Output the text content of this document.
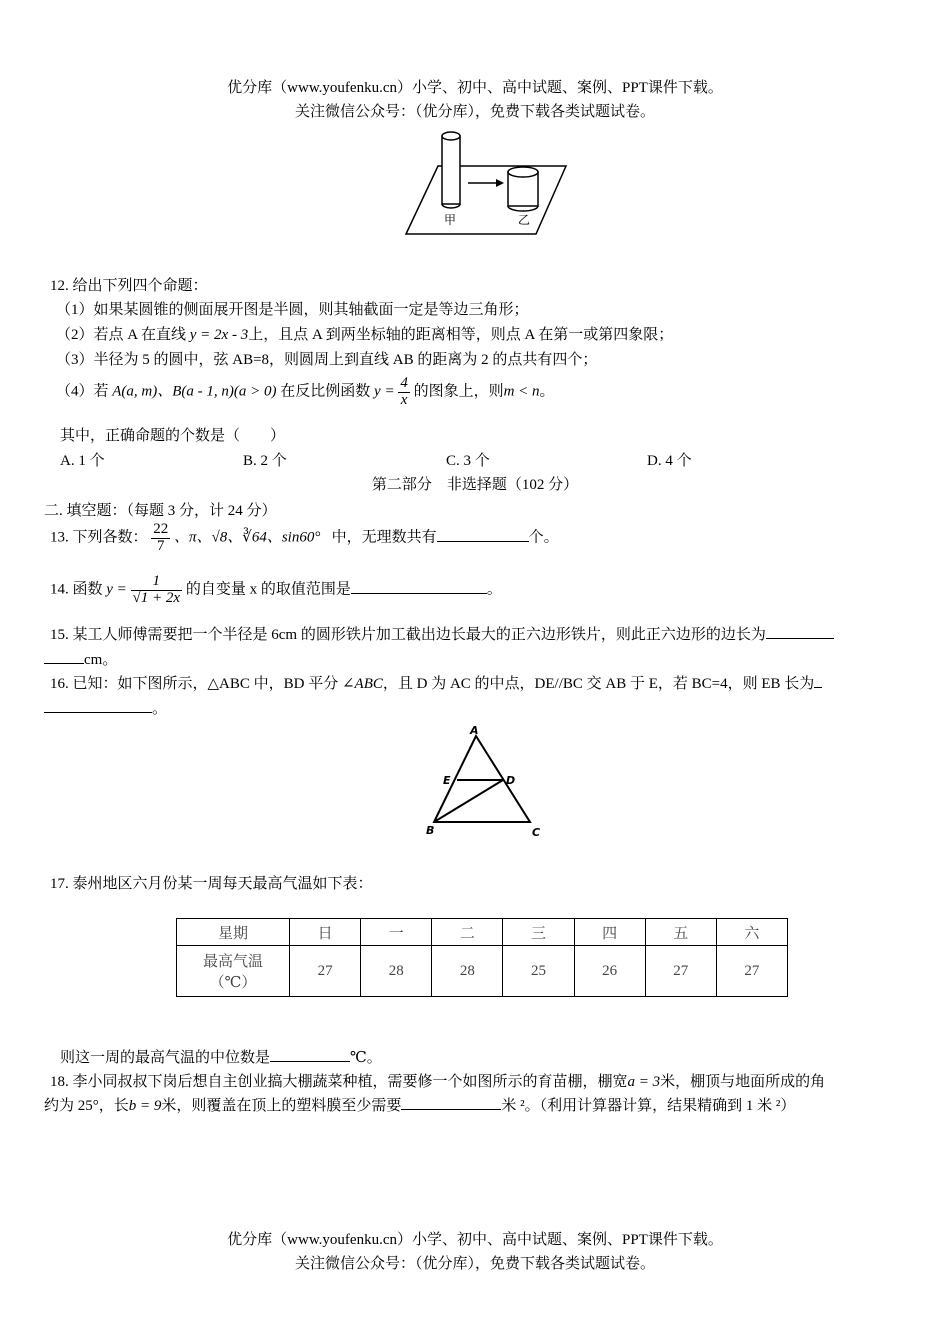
优分库（www.youfenku.cn）小学、初中、高中试题、案例、PPT课件下载。
关注微信公众号：（优分库），免费下载各类试题试卷。
甲	乙
12. 给出下列四个命题：
（1）如果某圆锥的侧面展开图是半圆，则其轴截面一定是等边三角形；
（2）若点 A 在直线 y = 2x - 3上，且点 A 到两坐标轴的距离相等，则点 A 在第一或第四象限；
（3）半径为 5 的圆中，弦 AB=8，则圆周上到直线 AB 的距离为 2 的点共有四个；
（4）若 A(a, m)、B(a - 1, n)(a > 0) 在反比例函数 $y = \frac{4}{x}$ 的图象上，则m < n。
其中，正确命题的个数是（　　）
A. 1 个	B. 2 个	C. 3 个	D. 4 个
第二部分　非选择题（102 分）
二. 填空题：（每题 3 分，计 24 分）
13. 下列各数： $\frac{22}{7}$ 、π、√8、∛64、sin60° 中，无理数共有	个。
14. 函数 $y = \frac{1}{√1 + 2x}$ 的自变量 x 的取值范围是	。
15. 某工人师傅需要把一个半径是 6cm 的圆形铁片加工截出边长最大的正六边形铁片，则此正六边形的边长为
cm。
16. 已知：如下图所示，△ABC 中，BD 平分 ∠ABC，且 D 为 AC 的中点，DE//BC 交 AB 于 E，若 BC=4，则 EB 长为
。
A
E	D
B	C
17. 泰州地区六月份某一周每天最高气温如下表：
星期	日	一	二	三	四	五	六

最高气温
（℃）	27	28	28	25	26	27	27
则这一周的最高气温的中位数是	℃。
18. 李小同叔叔下岗后想自主创业搞大棚蔬菜种植，需要修一个如图所示的育苗棚，棚宽a = 3米，棚顶与地面所成的角
约为 25°，长b = 9米，则覆盖在顶上的塑料膜至少需要	米 ²。（利用计算器计算，结果精确到 1 米 ²）
优分库（www.youfenku.cn）小学、初中、高中试题、案例、PPT课件下载。
关注微信公众号：（优分库），免费下载各类试题试卷。
